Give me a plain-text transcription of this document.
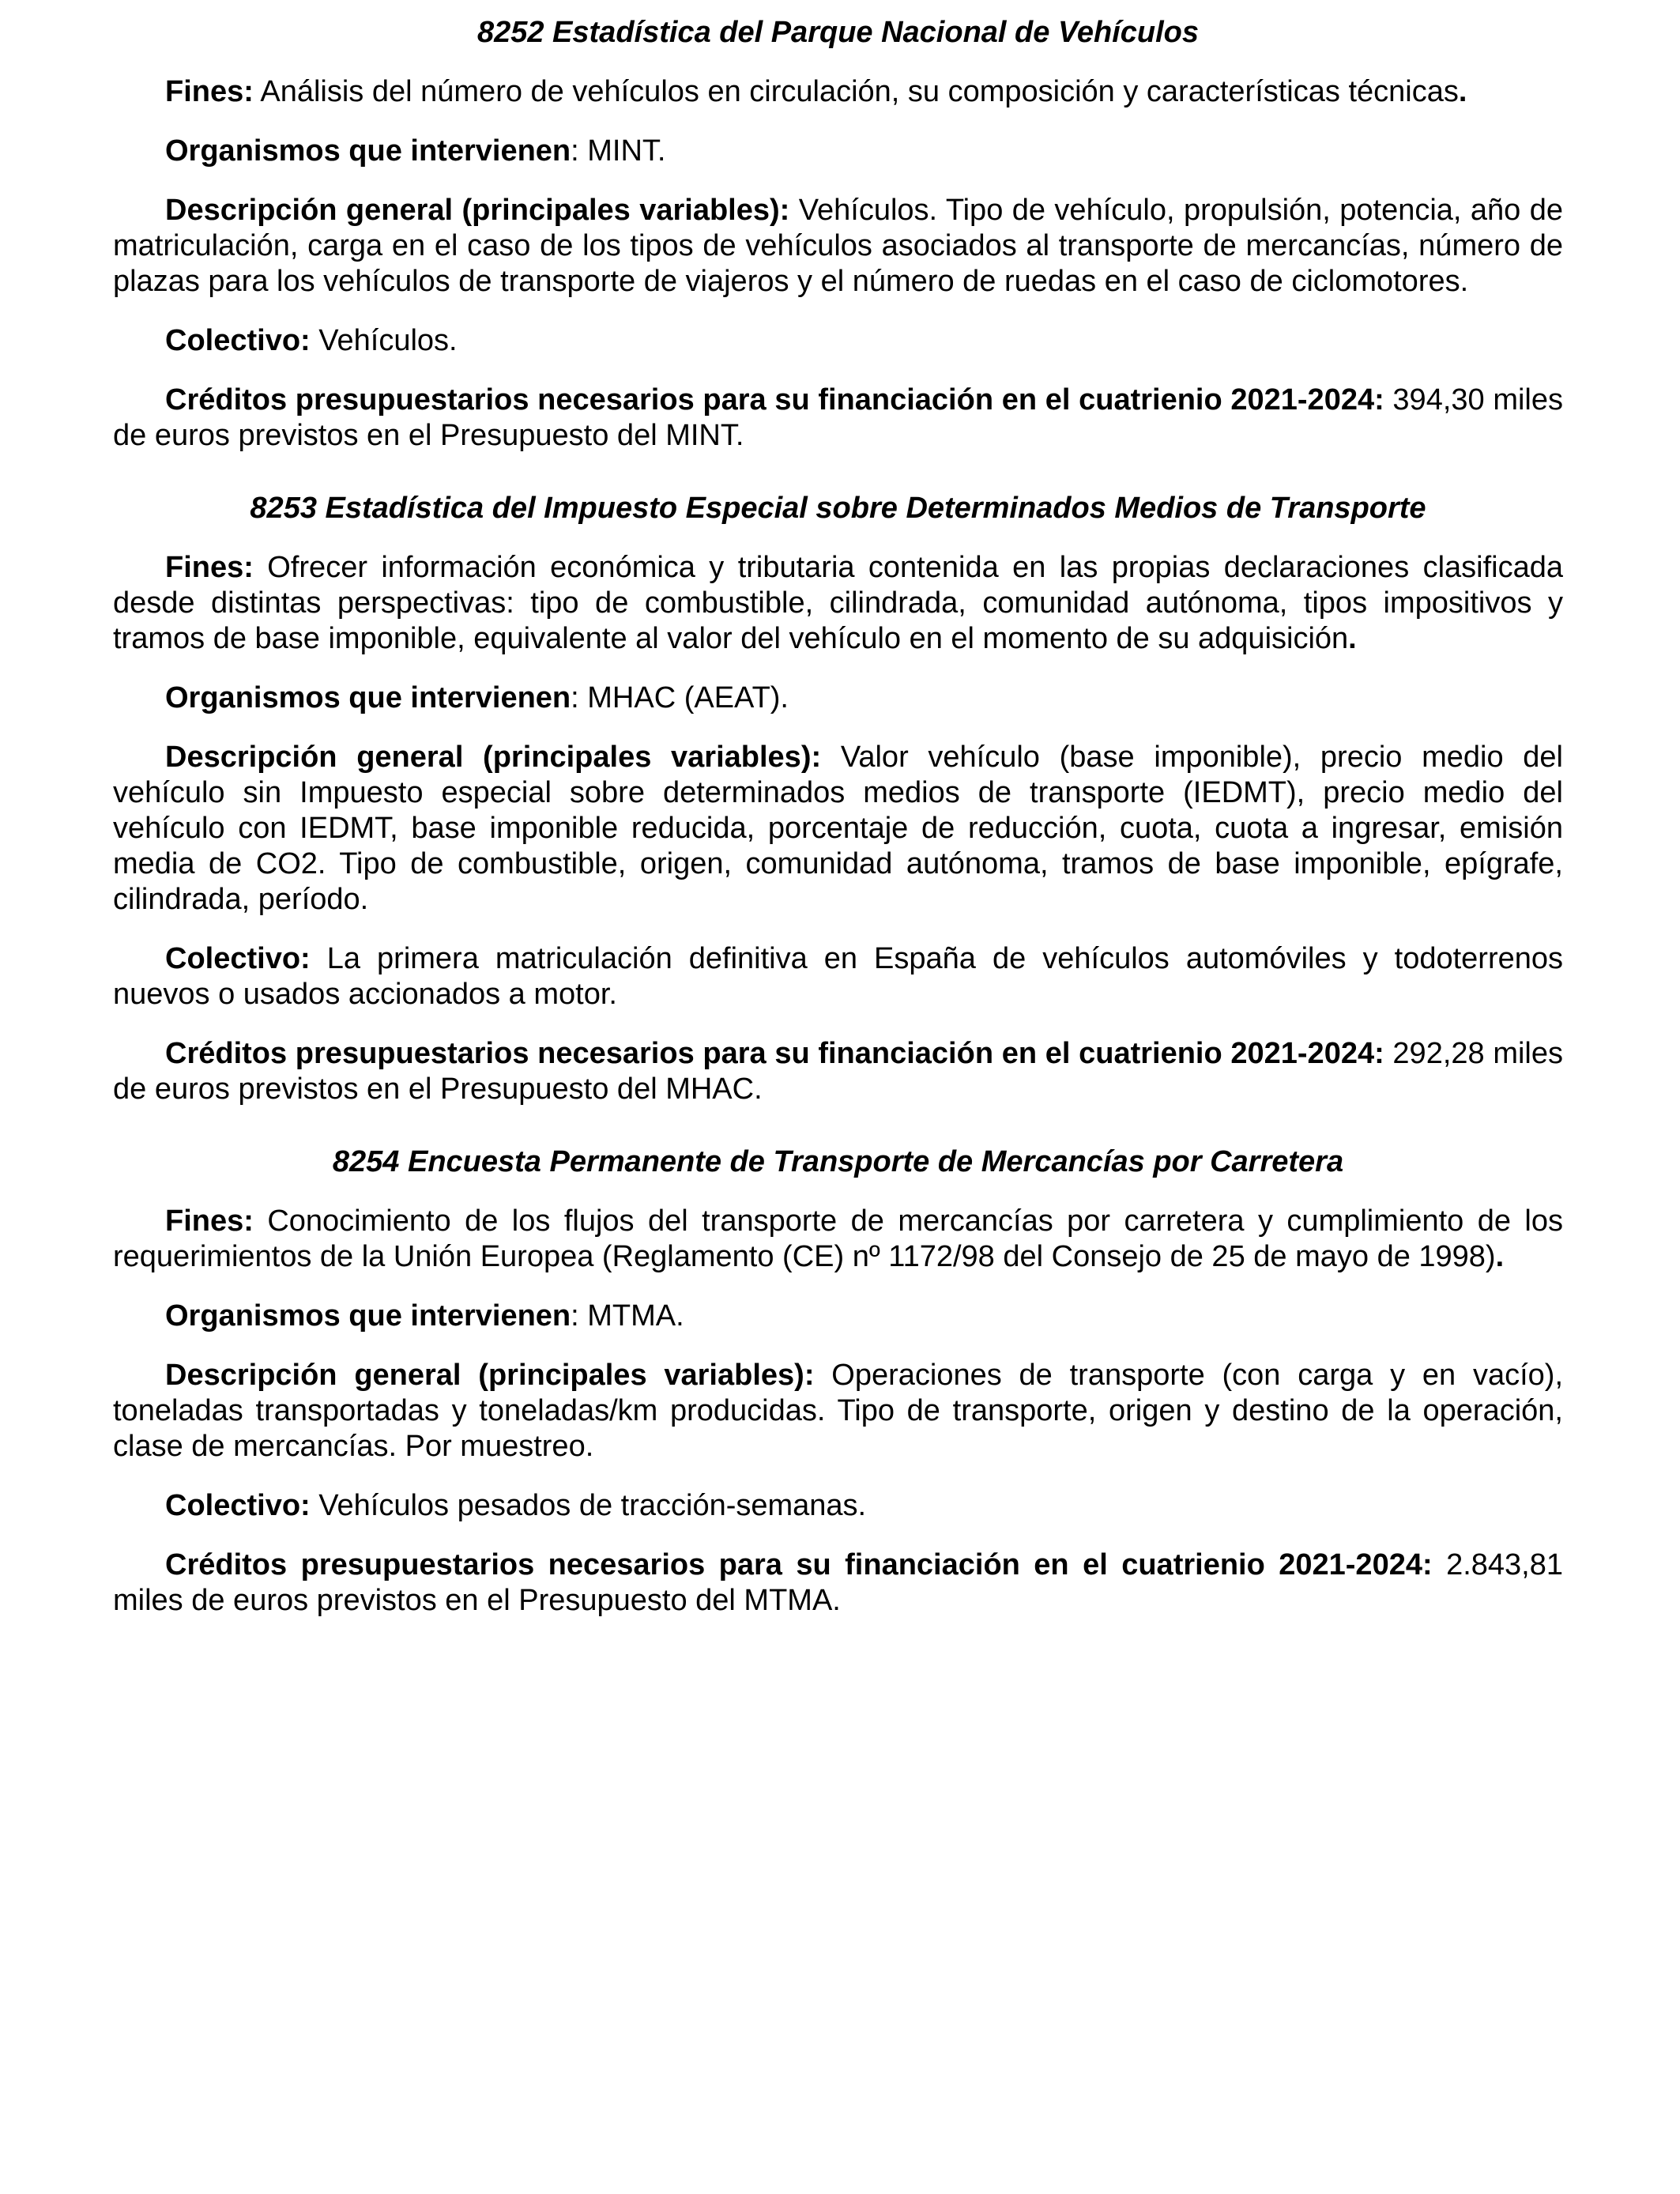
8252 Estadística del Parque Nacional de Vehículos

Fines: Análisis del número de vehículos en circulación, su composición y características técnicas.

Organismos que intervienen: MINT.

Descripción general (principales variables): Vehículos. Tipo de vehículo, propulsión, potencia, año de matriculación, carga en el caso de los tipos de vehículos asociados al transporte de mercancías, número de plazas para los vehículos de transporte de viajeros y el número de ruedas en el caso de ciclomotores.

Colectivo: Vehículos.

Créditos presupuestarios necesarios para su financiación en el cuatrienio 2021-2024: 394,30 miles de euros previstos en el Presupuesto del MINT.

8253 Estadística del Impuesto Especial sobre Determinados Medios de Transporte

Fines: Ofrecer información económica y tributaria contenida en las propias declaraciones clasificada desde distintas perspectivas: tipo de combustible, cilindrada, comunidad autónoma, tipos impositivos y tramos de base imponible, equivalente al valor del vehículo en el momento de su adquisición.

Organismos que intervienen: MHAC (AEAT).

Descripción general (principales variables): Valor vehículo (base imponible), precio medio del vehículo sin Impuesto especial sobre determinados medios de transporte (IEDMT), precio medio del vehículo con IEDMT, base imponible reducida, porcentaje de reducción, cuota, cuota a ingresar, emisión media de CO2. Tipo de combustible, origen, comunidad autónoma, tramos de base imponible, epígrafe, cilindrada, período.

Colectivo: La primera matriculación definitiva en España de vehículos automóviles y todoterrenos nuevos o usados accionados a motor.

Créditos presupuestarios necesarios para su financiación en el cuatrienio 2021-2024: 292,28 miles de euros previstos en el Presupuesto del MHAC.

8254 Encuesta Permanente de Transporte de Mercancías por Carretera

Fines: Conocimiento de los flujos del transporte de mercancías por carretera y cumplimiento de los requerimientos de la Unión Europea (Reglamento (CE) nº 1172/98 del Consejo de 25 de mayo de 1998).

Organismos que intervienen: MTMA.

Descripción general (principales variables): Operaciones de transporte (con carga y en vacío), toneladas transportadas y toneladas/km producidas. Tipo de transporte, origen y destino de la operación, clase de mercancías. Por muestreo.

Colectivo: Vehículos pesados de tracción-semanas.

Créditos presupuestarios necesarios para su financiación en el cuatrienio 2021-2024: 2.843,81 miles de euros previstos en el Presupuesto del MTMA.
